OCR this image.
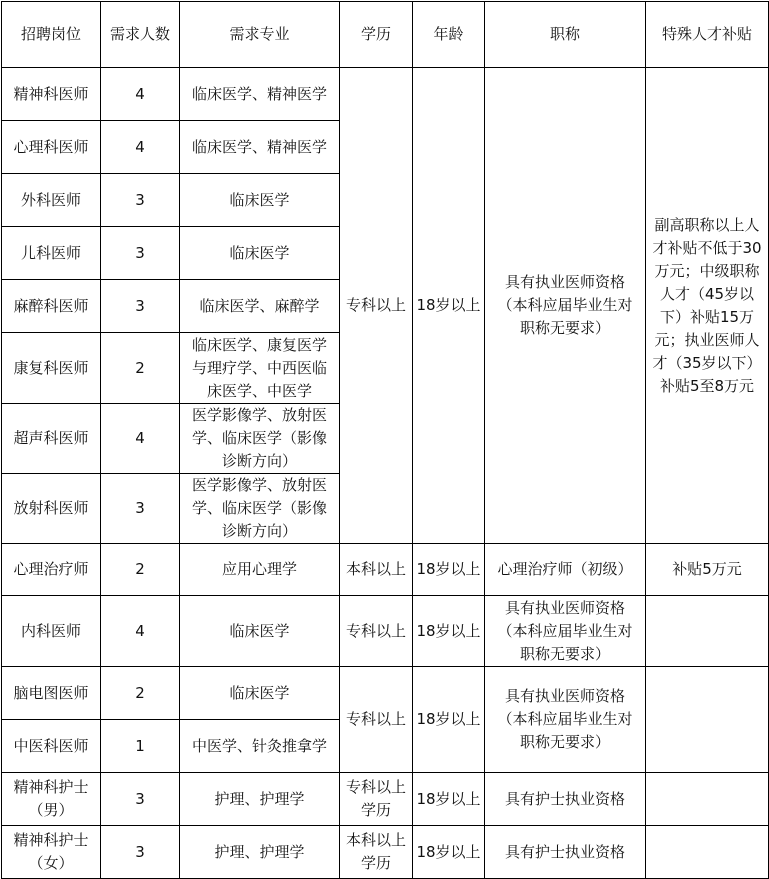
招聘岗位	需求人数	需求专业	学历	年龄	职称	特殊人才补贴
精神科医师	4	临床医学、精神医学	专科以上	18岁以上	具有执业医师资格（本科应届毕业生对职称无要求）	副高职称以上人才补贴不低于30万元；中级职称人才（45岁以下）补贴15万元；执业医师人才（35岁以下）补贴5至8万元
心理科医师	4	临床医学、精神医学				
外科医师	3	临床医学				
儿科医师	3	临床医学				
麻醉科医师	3	临床医学、麻醉学				
康复科医师	2	临床医学、康复医学与理疗学、中西医临床医学、中医学				
超声科医师	4	医学影像学、放射医学、临床医学（影像诊断方向）				
放射科医师	3	医学影像学、放射医学、临床医学（影像诊断方向）				
心理治疗师	2	应用心理学	本科以上	18岁以上	心理治疗师（初级）	补贴5万元
内科医师	4	临床医学	专科以上	18岁以上	具有执业医师资格（本科应届毕业生对职称无要求）	
脑电图医师	2	临床医学	专科以上	18岁以上	具有执业医师资格（本科应届毕业生对职称无要求）	
中医科医师	1	中医学、针灸推拿学				
精神科护士（男）	3	护理、护理学	专科以上学历	18岁以上	具有护士执业资格	
精神科护士（女）	3	护理、护理学	本科以上学历	18岁以上	具有护士执业资格	
